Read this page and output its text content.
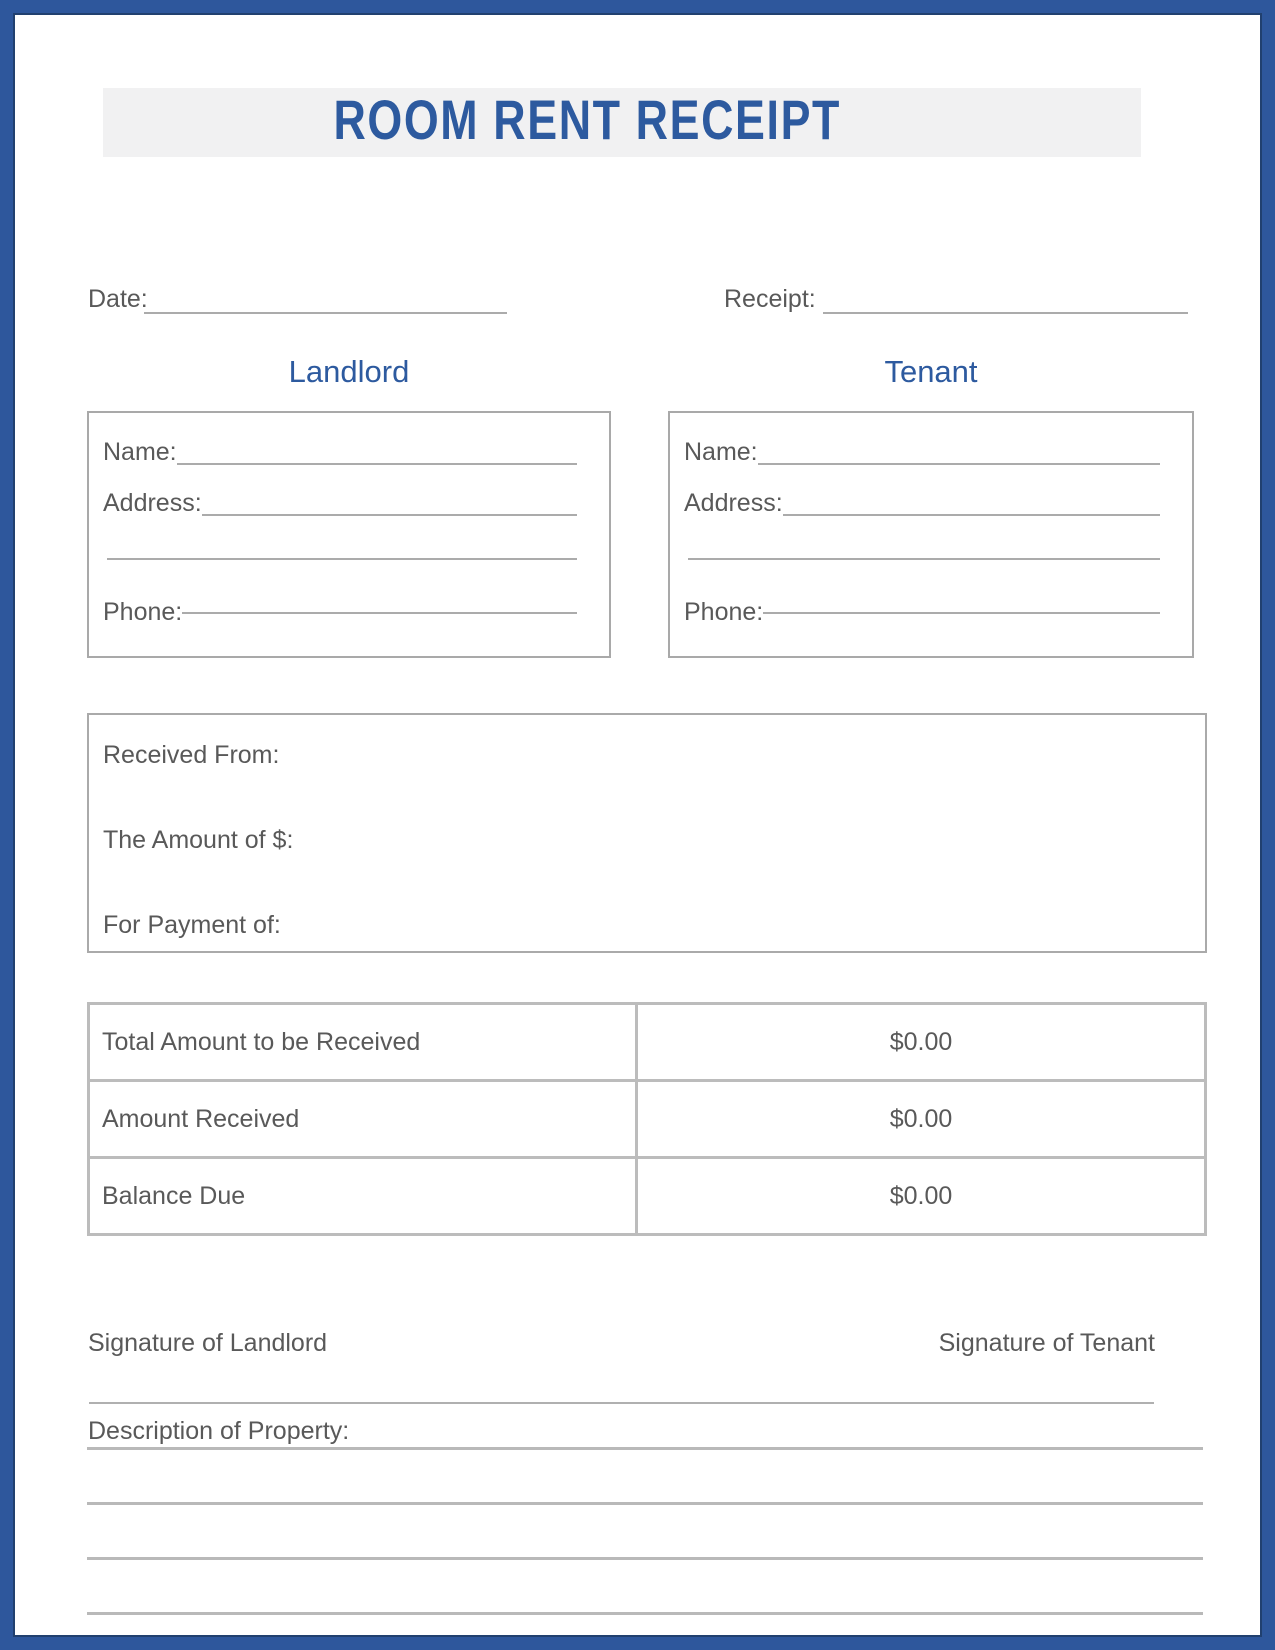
ROOM RENT RECEIPT
Date:	Receipt:
Landlord	Tenant
Name:
Address:
Phone:
Name:
Address:
Phone:
Received From:
The Amount of $:
For Payment of:
Total Amount to be Received	$0.00
Amount Received	$0.00
Balance Due	$0.00
Signature of Landlord	Signature of Tenant
Description of Property:
